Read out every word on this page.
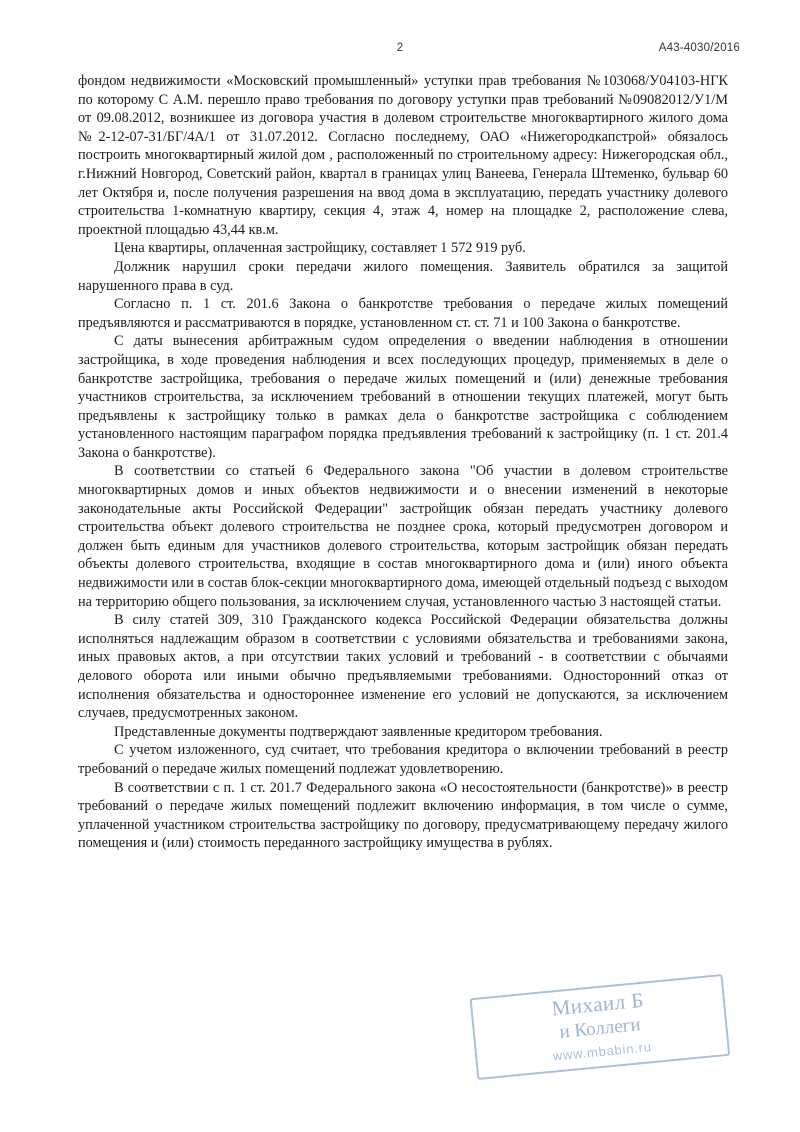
2	А43-4030/2016

фондом недвижимости «Московский промышленный» уступки прав требования №103068/У04103-НГК по которому С А.М. перешло право требования по договору уступки прав требований №09082012/У1/М от 09.08.2012, возникшее из договора участия в долевом строительстве многоквартирного жилого дома №2-12-07-31/БГ/4А/1 от 31.07.2012. Согласно последнему, ОАО «Нижегородкапстрой» обязалось построить многоквартирный жилой дом , расположенный по строительному адресу: Нижегородская обл., г.Нижний Новгород, Советский район, квартал в границах улиц Ванеева, Генерала Штеменко, бульвар 60 лет Октября и, после получения разрешения на ввод дома в эксплуатацию, передать участнику долевого строительства 1-комнатную квартиру, секция 4, этаж 4, номер на площадке 2, расположение слева, проектной площадью 43,44 кв.м.

Цена квартиры, оплаченная застройщику, составляет 1 572 919 руб.

Должник нарушил сроки передачи жилого помещения. Заявитель обратился за защитой нарушенного права в суд.

Согласно п. 1 ст. 201.6 Закона о банкротстве требования о передаче жилых помещений предъявляются и рассматриваются в порядке, установленном ст. ст. 71 и 100 Закона о банкротстве.

С даты вынесения арбитражным судом определения о введении наблюдения в отношении застройщика, в ходе проведения наблюдения и всех последующих процедур, применяемых в деле о банкротстве застройщика, требования о передаче жилых помещений и (или) денежные требования участников строительства, за исключением требований в отношении текущих платежей, могут быть предъявлены к застройщику только в рамках дела о банкротстве застройщика с соблюдением установленного настоящим параграфом порядка предъявления требований к застройщику (п. 1 ст. 201.4 Закона о банкротстве).

В соответствии со статьей 6 Федерального закона "Об участии в долевом строительстве многоквартирных домов и иных объектов недвижимости и о внесении изменений в некоторые законодательные акты Российской Федерации" застройщик обязан передать участнику долевого строительства объект долевого строительства не позднее срока, который предусмотрен договором и должен быть единым для участников долевого строительства, которым застройщик обязан передать объекты долевого строительства, входящие в состав многоквартирного дома и (или) иного объекта недвижимости или в состав блок-секции многоквартирного дома, имеющей отдельный подъезд с выходом на территорию общего пользования, за исключением случая, установленного частью 3 настоящей статьи.

В силу статей 309, 310 Гражданского кодекса Российской Федерации обязательства должны исполняться надлежащим образом в соответствии с условиями обязательства и требованиями закона, иных правовых актов, а при отсутствии таких условий и требований - в соответствии с обычаями делового оборота или иными обычно предъявляемыми требованиями. Односторонний отказ от исполнения обязательства и одностороннее изменение его условий не допускаются, за исключением случаев, предусмотренных законом.

Представленные документы подтверждают заявленные кредитором требования.

С учетом изложенного, суд считает, что требования кредитора о включении требований в реестр требований о передаче жилых помещений подлежат удовлетворению.

В соответствии с п. 1 ст. 201.7 Федерального закона «О несостоятельности (банкротстве)» в реестр требований о передаче жилых помещений подлежит включению информация, в том числе о сумме, уплаченной участником строительства застройщику по договору, предусматривающему передачу жилого помещения и (или) стоимость переданного застройщику имущества в рублях.

Михаил Б
и Коллеги
www.mbabin.ru
